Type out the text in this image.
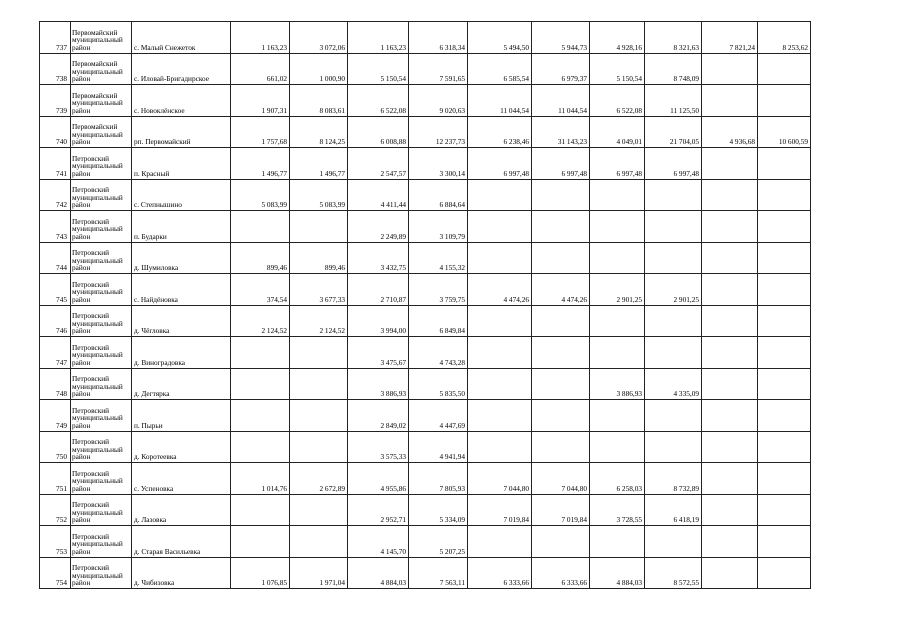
737	Первомайский муниципальный район	с. Малый Снежеток	1 163,23	3 072,06	1 163,23	6 318,34	5 494,50	5 944,73	4 928,16	8 321,63	7 821,24	8 253,62
738	Первомайский муниципальный район	с. Иловай-Бригадирское	661,02	1 000,90	5 150,54	7 591,65	6 585,54	6 979,37	5 150,54	8 748,09		
739	Первомайский муниципальный район	с. Новоклёнское	1 907,31	8 083,61	6 522,08	9 020,63	11 044,54	11 044,54	6 522,08	11 125,50		
740	Первомайский муниципальный район	рп. Первомайский	1 757,68	8 124,25	6 008,88	12 237,73	6 238,46	31 143,23	4 049,01	21 704,05	4 936,68	10 600,59
741	Петровский муниципальный район	п. Красный	1 496,77	1 496,77	2 547,57	3 300,14	6 997,48	6 997,48	6 997,48	6 997,48		
742	Петровский муниципальный район	с. Степнышино	5 083,99	5 083,99	4 411,44	6 884,64						
743	Петровский муниципальный район	п. Бударки			2 249,89	3 109,79						
744	Петровский муниципальный район	д. Шумиловка	899,46	899,46	3 432,75	4 155,32						
745	Петровский муниципальный район	с. Найдёновка	374,54	3 677,33	2 710,87	3 759,75	4 474,26	4 474,26	2 901,25	2 901,25		
746	Петровский муниципальный район	д. Чёгловка	2 124,52	2 124,52	3 994,00	6 849,84						
747	Петровский муниципальный район	д. Виноградовка			3 475,67	4 743,28						
748	Петровский муниципальный район	д. Дегтярка			3 886,93	5 835,50			3 886,93	4 335,09		
749	Петровский муниципальный район	п. Пырьи			2 849,02	4 447,69						
750	Петровский муниципальный район	д. Коротеевка			3 575,33	4 941,94						
751	Петровский муниципальный район	с. Успеновка	1 014,76	2 672,89	4 955,86	7 805,93	7 044,80	7 044,80	6 258,03	8 732,89		
752	Петровский муниципальный район	д. Лазовка			2 952,71	5 334,09	7 019,84	7 019,84	3 728,55	6 418,19		
753	Петровский муниципальный район	д. Старая Васильевка			4 145,70	5 207,25						
754	Петровский муниципальный район	д. Чибизовка	1 076,85	1 971,04	4 884,03	7 563,11	6 333,66	6 333,66	4 884,03	8 572,55		
